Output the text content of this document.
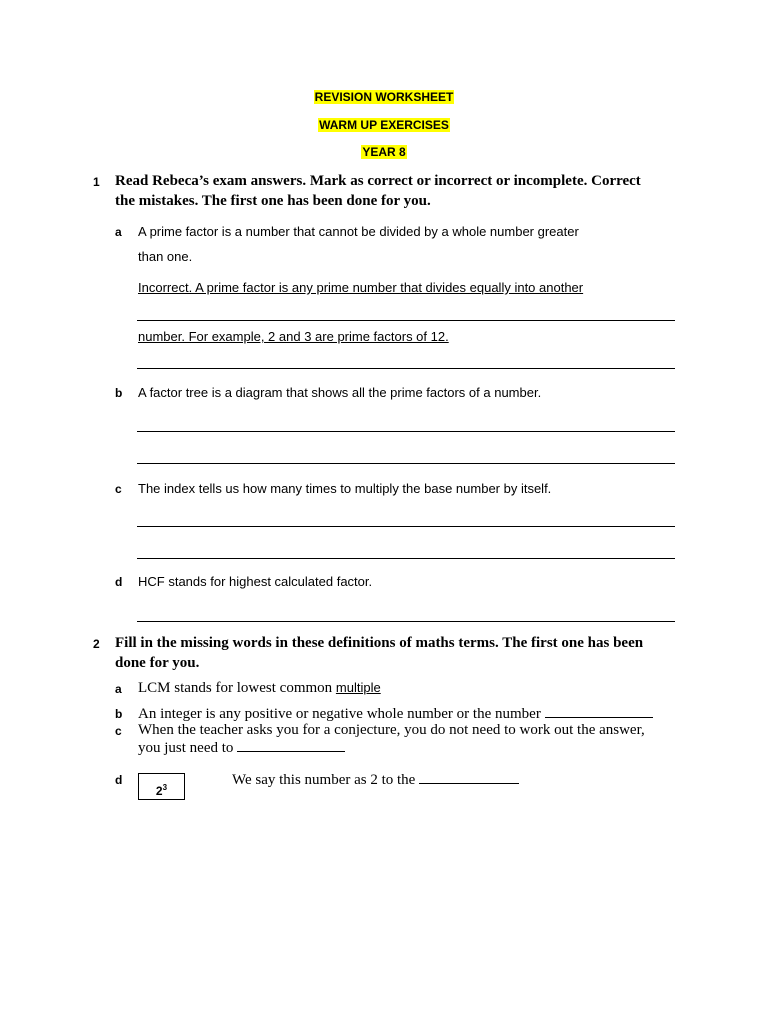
REVISION WORKSHEET
WARM UP EXERCISES
YEAR 8
1 Read Rebeca’s exam answers. Mark as correct or incorrect or incomplete. Correct
the mistakes. The first one has been done for you.
a A prime factor is a number that cannot be divided by a whole number greater
than one.
Incorrect. A prime factor is any prime number that divides equally into another
number. For example, 2 and 3 are prime factors of 12.
b A factor tree is a diagram that shows all the prime factors of a number.
c The index tells us how many times to multiply the base number by itself.
d HCF stands for highest calculated factor.
2 Fill in the missing words in these definitions of maths terms. The first one has been
done for you.
a LCM stands for lowest common multiple
b An integer is any positive or negative whole number or the number
c When the teacher asks you for a conjecture, you do not need to work out the answer,
you just need to
d
$2^3$	We say this number as 2 to the
